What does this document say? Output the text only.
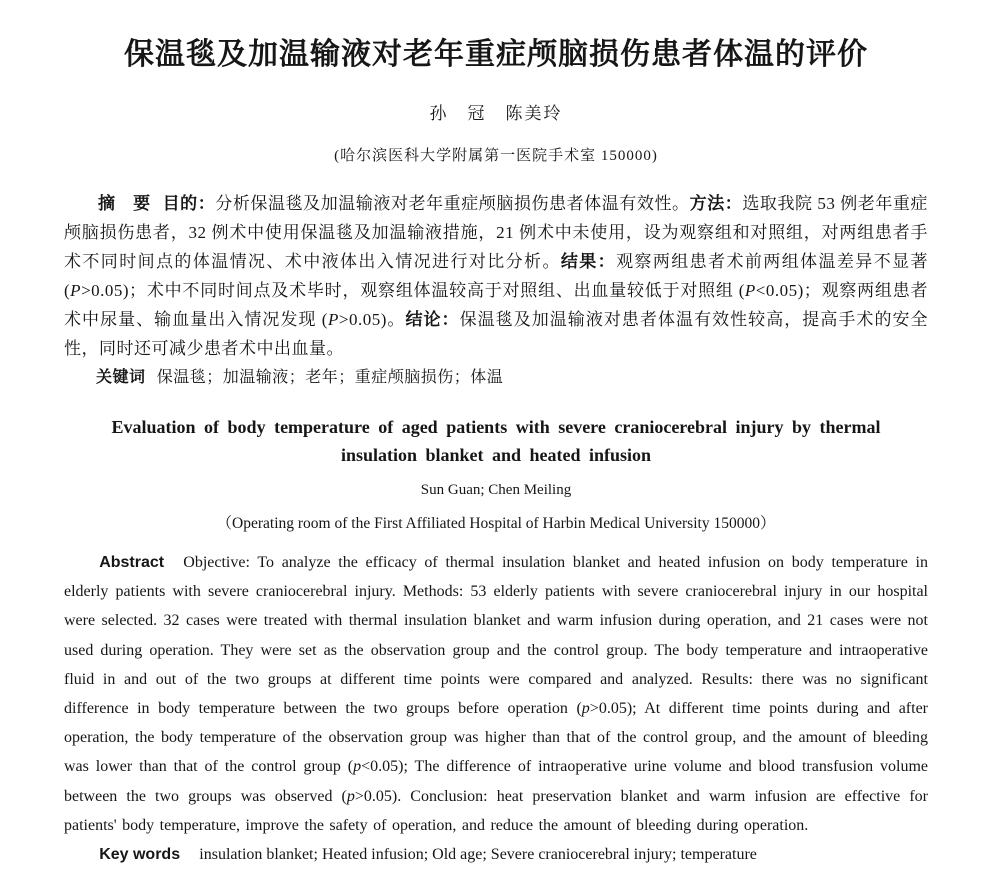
保温毯及加温输液对老年重症颅脑损伤患者体温的评价
孙　冠　陈美玲
(哈尔滨医科大学附属第一医院手术室 150000)

摘　要 目的：分析保温毯及加温输液对老年重症颅脑损伤患者体温有效性。方法：选取我院 53 例老年重症颅脑损伤患者，32 例术中使用保温毯及加温输液措施，21 例术中未使用，设为观察组和对照组，对两组患者手术不同时间点的体温情况、术中液体出入情况进行对比分析。结果：观察两组患者术前两组体温差异不显著(P>0.05)；术中不同时间点及术毕时，观察组体温较高于对照组、出血量较低于对照组 (P<0.05)；观察两组患者术中尿量、输血量出入情况发现 (P>0.05)。结论：保温毯及加温输液对患者体温有效性较高，提高手术的安全性，同时还可减少患者术中出血量。

关键词 保温毯；加温输液；老年；重症颅脑损伤；体温

Evaluation of body temperature of aged patients with severe craniocerebral injury by thermal insulation blanket and heated infusion
Sun Guan; Chen Meiling
（Operating room of the First Affiliated Hospital of Harbin Medical University 150000）

Abstract Objective: To analyze the efficacy of thermal insulation blanket and heated infusion on body temperature in elderly patients with severe craniocerebral injury. Methods: 53 elderly patients with severe craniocerebral injury in our hospital were selected. 32 cases were treated with thermal insulation blanket and warm infusion during operation, and 21 cases were not used during operation. They were set as the observation group and the control group. The body temperature and intraoperative fluid in and out of the two groups at different time points were compared and analyzed. Results: there was no significant difference in body temperature between the two groups before operation (p>0.05); At different time points during and after operation, the body temperature of the observation group was higher than that of the control group, and the amount of bleeding was lower than that of the control group (p<0.05); The difference of intraoperative urine volume and blood transfusion volume between the two groups was observed (p>0.05). Conclusion: heat preservation blanket and warm infusion are effective for patients' body temperature, improve the safety of operation, and reduce the amount of bleeding during operation.

Key words insulation blanket; Heated infusion; Old age; Severe craniocerebral injury; temperature
